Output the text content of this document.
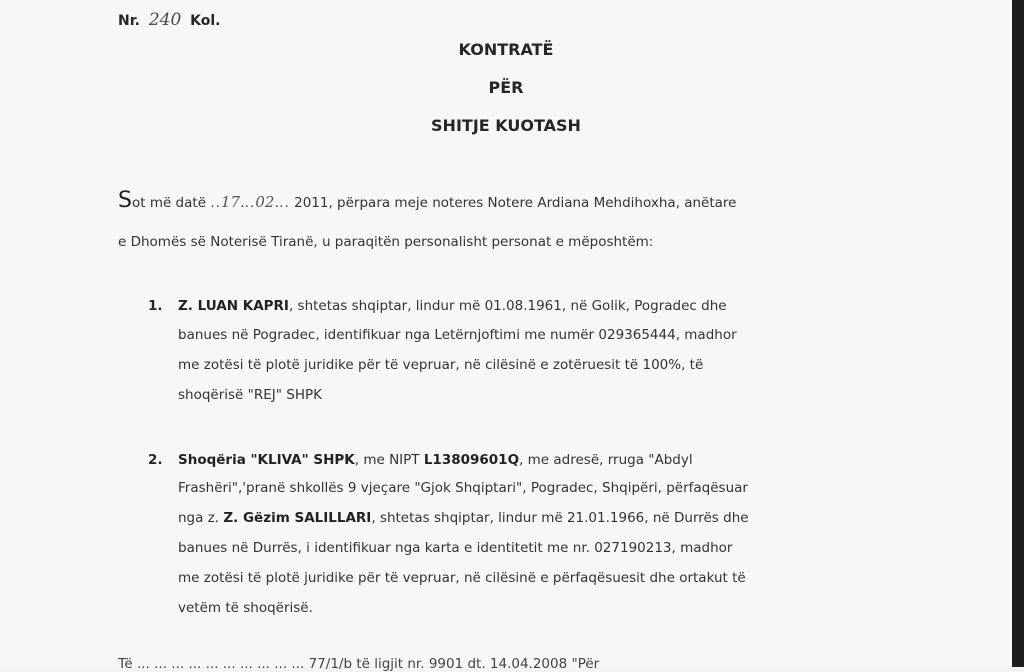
Nr. 240 Kol.
KONTRATË
PËR
SHITJE KUOTASH
Sot më datë ..17...02... 2011, përpara meje noteres Notere Ardiana Mehdihoxha, anëtare
e Dhomës së Noterisë Tiranë, u paraqitën personalisht personat e mëposhtëm:
1. Z. LUAN KAPRI, shtetas shqiptar, lindur më 01.08.1961, në Golik, Pogradec dhe
banues në Pogradec, identifikuar nga Letërnjoftimi me numër 029365444, madhor
me zotësi të plotë juridike për të vepruar, në cilësinë e zotëruesit të 100%, të
shoqërisë "REJ" SHPK
2. Shoqëria "KLIVA" SHPK, me NIPT L13809601Q, me adresë, rruga "Abdyl
Frashëri",'pranë shkollës 9 vjeçare "Gjok Shqiptari", Pogradec, Shqipëri, përfaqësuar
nga z. Z. Gëzim SALILLARI, shtetas shqiptar, lindur më 21.01.1966, në Durrës dhe
banues në Durrës, i identifikuar nga karta e identitetit me nr. 027190213, madhor
me zotësi të plotë juridike për të vepruar, në cilësinë e përfaqësuesit dhe ortakut të
vetëm të shoqërisë.
Të ... ... ... ... ... ... ... ... ... ... 77/1/b të ligjit nr. 9901 dt. 14.04.2008 "Për
